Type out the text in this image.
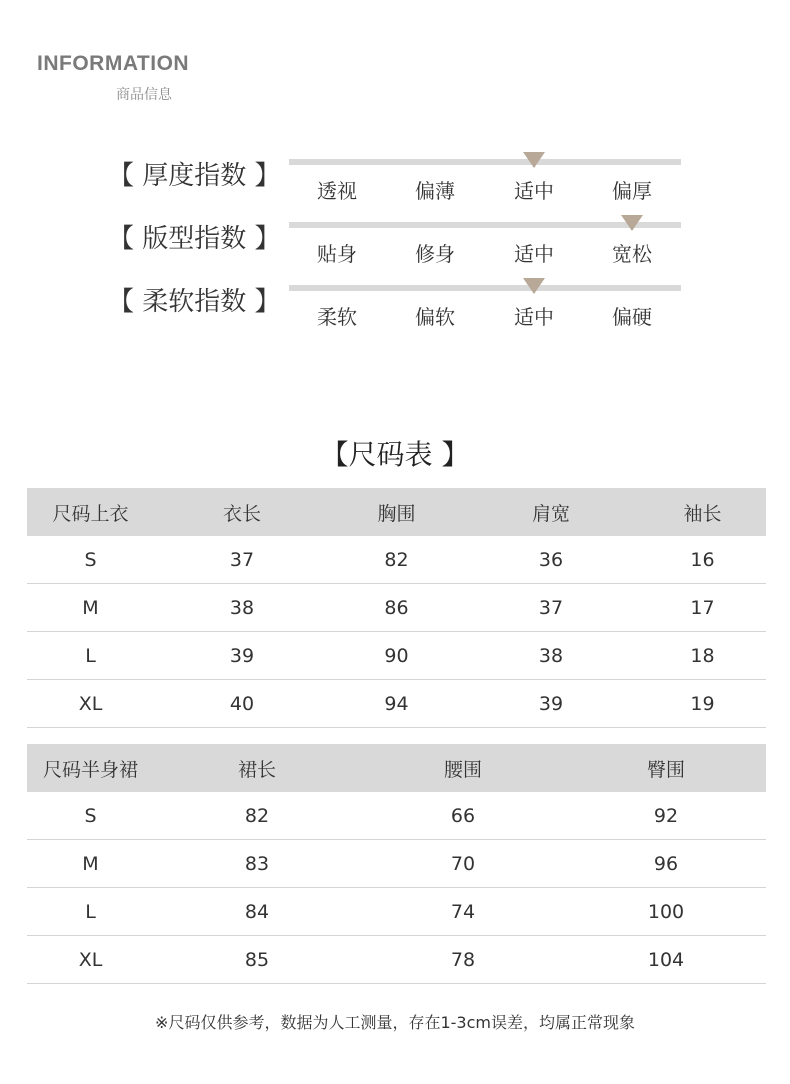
INFORMATION
商品信息
【 厚度指数 】	透视	偏薄	适中	偏厚
【 版型指数 】	贴身	修身	适中	宽松
【 柔软指数 】	柔软	偏软	适中	偏硬
【尺码表 】
尺码上衣	衣长	胸围	肩宽	袖长
S	37	82	36	16
M	38	86	37	17
L	39	90	38	18
XL	40	94	39	19
尺码半身裙	裙长	腰围	臀围
S	82	66	92
M	83	70	96
L	84	74	100
XL	85	78	104
※尺码仅供参考，数据为人工测量，存在1-3cm误差，均属正常现象
